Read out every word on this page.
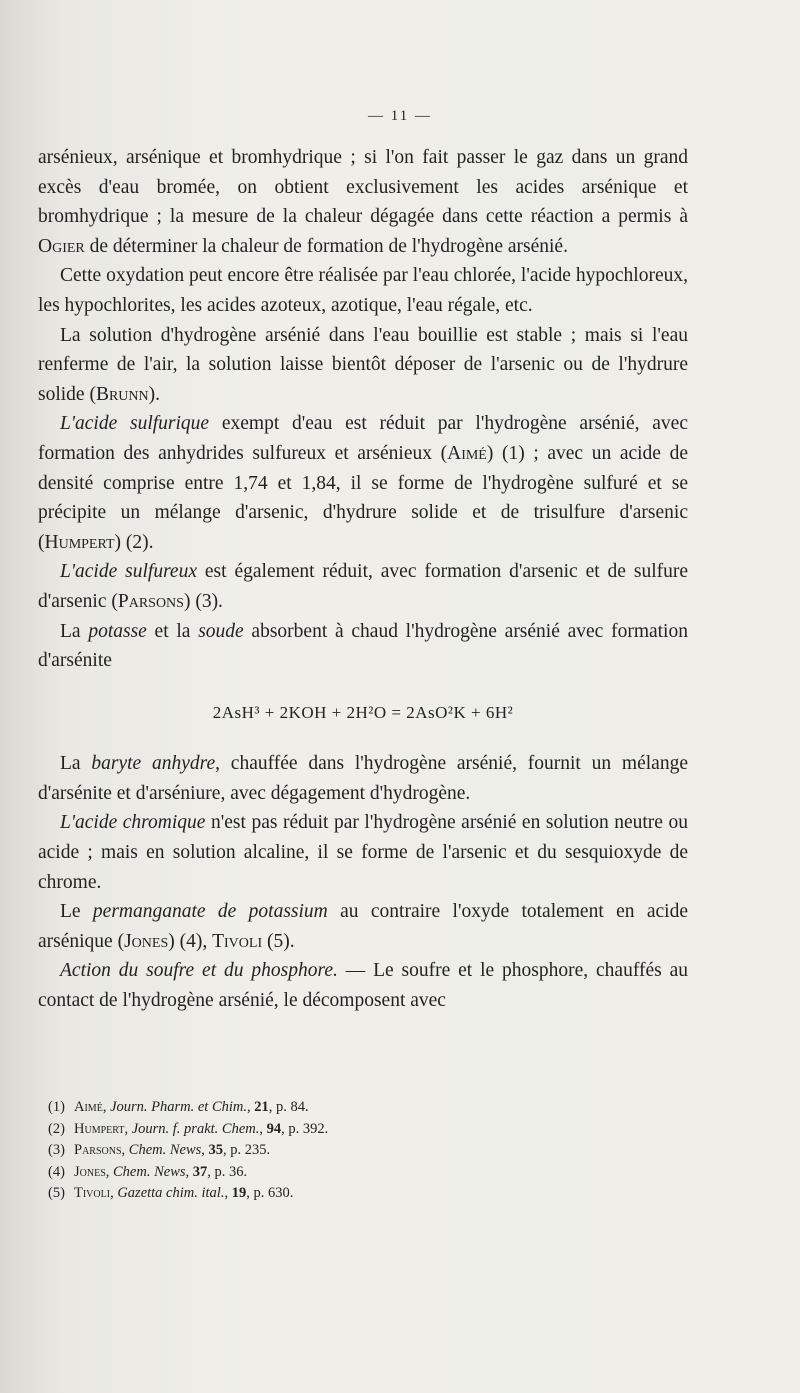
— 11 —

arsénieux, arsénique et bromhydrique ; si l'on fait passer le gaz dans un grand excès d'eau bromée, on obtient exclusivement les acides arsénique et bromhydrique ; la mesure de la chaleur dégagée dans cette réaction a permis à Ogier de déterminer la chaleur de formation de l'hydrogène arsénié.

Cette oxydation peut encore être réalisée par l'eau chlorée, l'acide hypochloreux, les hypochlorites, les acides azoteux, azotique, l'eau régale, etc.

La solution d'hydrogène arsénié dans l'eau bouillie est stable ; mais si l'eau renferme de l'air, la solution laisse bientôt déposer de l'arsenic ou de l'hydrure solide (Brunn).

L'acide sulfurique exempt d'eau est réduit par l'hydrogène arsénié, avec formation des anhydrides sulfureux et arsénieux (Aimé) (1) ; avec un acide de densité comprise entre 1,74 et 1,84, il se forme de l'hydrogène sulfuré et se précipite un mélange d'arsenic, d'hydrure solide et de trisulfure d'arsenic (Humpert) (2).

L'acide sulfureux est également réduit, avec formation d'arsenic et de sulfure d'arsenic (Parsons) (3).

La potasse et la soude absorbent à chaud l'hydrogène arsénié avec formation d'arsénite

2AsH³ + 2KOH + 2H²O = 2AsO²K + 6H²

La baryte anhydre, chauffée dans l'hydrogène arsénié, fournit un mélange d'arsénite et d'arséniure, avec dégagement d'hydrogène.

L'acide chromique n'est pas réduit par l'hydrogène arsénié en solution neutre ou acide ; mais en solution alcaline, il se forme de l'arsenic et du sesquioxyde de chrome.

Le permanganate de potassium au contraire l'oxyde totalement en acide arsénique (Jones) (4), Tivoli (5).

Action du soufre et du phosphore. — Le soufre et le phosphore, chauffés au contact de l'hydrogène arsénié, le décomposent avec

(1) Aimé, Journ. Pharm. et Chim., 21, p. 84.
(2) Humpert, Journ. f. prakt. Chem., 94, p. 392.
(3) Parsons, Chem. News, 35, p. 235.
(4) Jones, Chem. News, 37, p. 36.
(5) Tivoli, Gazetta chim. ital., 19, p. 630.
